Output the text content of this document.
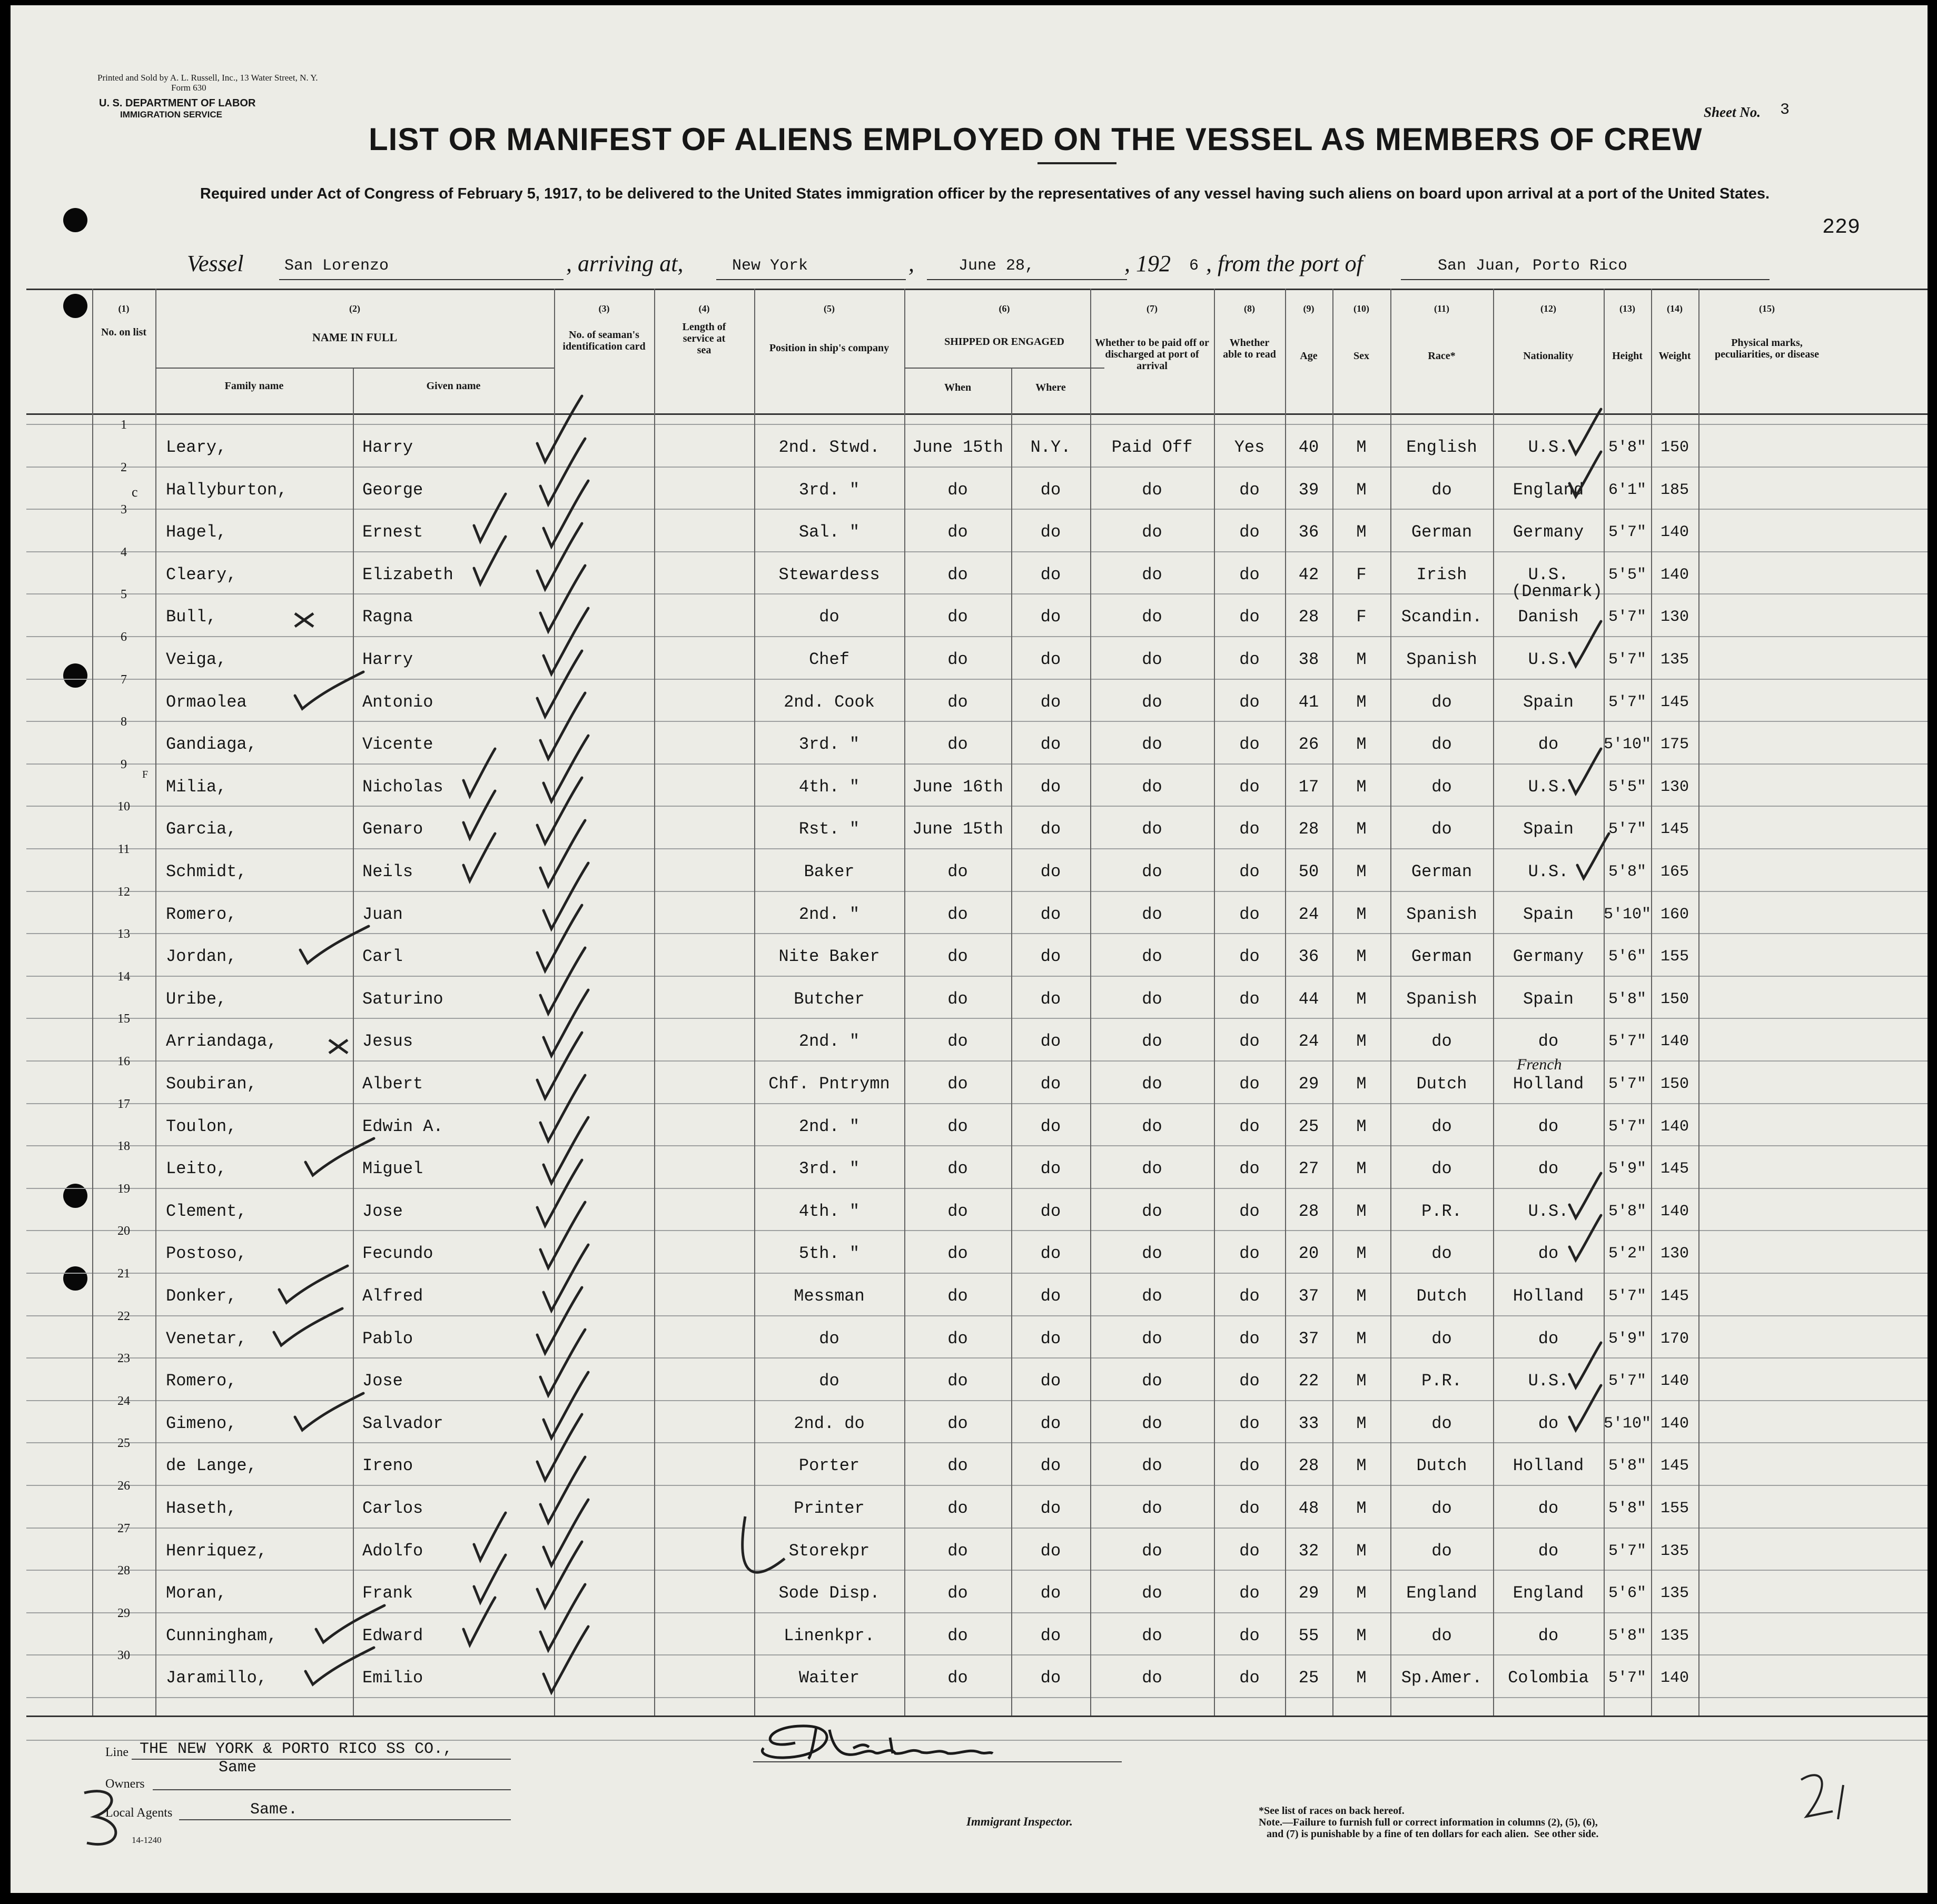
Printed and Sold by A. L. Russell, Inc., 13 Water Street, N. Y.
Form 630
U. S. DEPARTMENT OF LABOR
IMMIGRATION SERVICE	Sheet No. 3
LIST OR MANIFEST OF ALIENS EMPLOYED ON THE VESSEL AS MEMBERS OF CREW
Required under Act of Congress of February 5, 1917, to be delivered to the United States immigration officer by the representatives of any vessel having such aliens on board upon arrival at a port of the United States.
229
Vessel	San Lorenzo	, arriving at,	New York	,	June 28,	, 192 6 , from the port of	San Juan, Porto Rico
(1)
No. on list
(2)
NAME IN FULL
Family name	Given name
(3)
No. of seaman's identification card
(4)
Length of service at sea
(5)
Position in ship's company
(6)
SHIPPED OR ENGAGED
When	Where
(7)
Whether to be paid off or discharged at port of arrival
(8)
Whether able to read
(9)
Age
(10)
Sex
(11)
Race*
(12)
Nationality
(13)
Height
(14)
Weight
(15)
Physical marks, peculiarities, or disease
1
Leary,	Harry	2nd. Stwd.	June 15th	N.Y.	Paid Off	Yes	40	M	English	U.S.	5'8" 150
2
Hallyburton,	George	3rd. "	do	do	do	do	39	M	do	England	6'1" 185
3
Hagel,	Ernest	Sal. "	do	do	do	do	36	M	German	Germany	5'7" 140
4
Cleary,	Elizabeth	Stewardess	do	do	do	do	42	F	Irish	U.S.	5'5" 140
5
Bull,	Ragna	do	do	do	do	do	28	F	Scandin.	Danish	5'7" 130
6
Veiga,	Harry	Chef	do	do	do	do	38	M	Spanish	U.S.	5'7" 135
7
Ormaolea	Antonio	2nd. Cook	do	do	do	do	41	M	do	Spain	5'7" 145
8
Gandiaga,	Vicente	3rd. "	do	do	do	do	26	M	do	do	5'10" 175
9
Milia,	Nicholas	4th. "	June 16th	do	do	do	17	M	do	U.S.	5'5" 130
10
Garcia,	Genaro	Rst. "	June 15th	do	do	do	28	M	do	Spain	5'7" 145
11
Schmidt,	Neils	Baker	do	do	do	do	50	M	German	U.S.	5'8" 165
12
Romero,	Juan	2nd. "	do	do	do	do	24	M	Spanish	Spain	5'10" 160
13
Jordan,	Carl	Nite Baker	do	do	do	do	36	M	German	Germany	5'6" 155
14
Uribe,	Saturino	Butcher	do	do	do	do	44	M	Spanish	Spain	5'8" 150
15
Arriandaga,	Jesus	2nd. "	do	do	do	do	24	M	do	do	5'7" 140
16
Soubiran,	Albert	Chf. Pntrymn	do	do	do	do	29	M	Dutch	Holland	5'7" 150
17
Toulon,	Edwin A.	2nd. "	do	do	do	do	25	M	do	do	5'7" 140
18
Leito,	Miguel	3rd. "	do	do	do	do	27	M	do	do	5'9" 145
19
Clement,	Jose	4th. "	do	do	do	do	28	M	P.R.	U.S.	5'8" 140
20
Postoso,	Fecundo	5th. "	do	do	do	do	20	M	do	do	5'2" 130
21
Donker,	Alfred	Messman	do	do	do	do	37	M	Dutch	Holland	5'7" 145
22
Venetar,	Pablo	do	do	do	do	do	37	M	do	do	5'9" 170
23
Romero,	Jose	do	do	do	do	do	22	M	P.R.	U.S.	5'7" 140
24
Gimeno,	Salvador	2nd. do	do	do	do	do	33	M	do	do	5'10" 140
25
de Lange,	Ireno	Porter	do	do	do	do	28	M	Dutch	Holland	5'8" 145
26
Haseth,	Carlos	Printer	do	do	do	do	48	M	do	do	5'8" 155
27
Henriquez,	Adolfo	Storekpr	do	do	do	do	32	M	do	do	5'7" 135
28
Moran,	Frank	Sode Disp.	do	do	do	do	29	M	England	England	5'6" 135
29
Cunningham,	Edward	Linenkpr.	do	do	do	do	55	M	do	do	5'8" 135
30
Jaramillo,	Emilio	Waiter	do	do	do	do	25	M	Sp.Amer.	Colombia	5'7" 140
(Denmark)
French
c
F
Line THE NEW YORK & PORTO RICO SS CO.,
Same
Owners
Local Agents	Same.
14-1240
Immigrant Inspector.
*See list of races on back hereof.
Note.—Failure to furnish full or correct information in columns (2), (5), (6),
and (7) is punishable by a fine of ten dollars for each alien.  See other side.
